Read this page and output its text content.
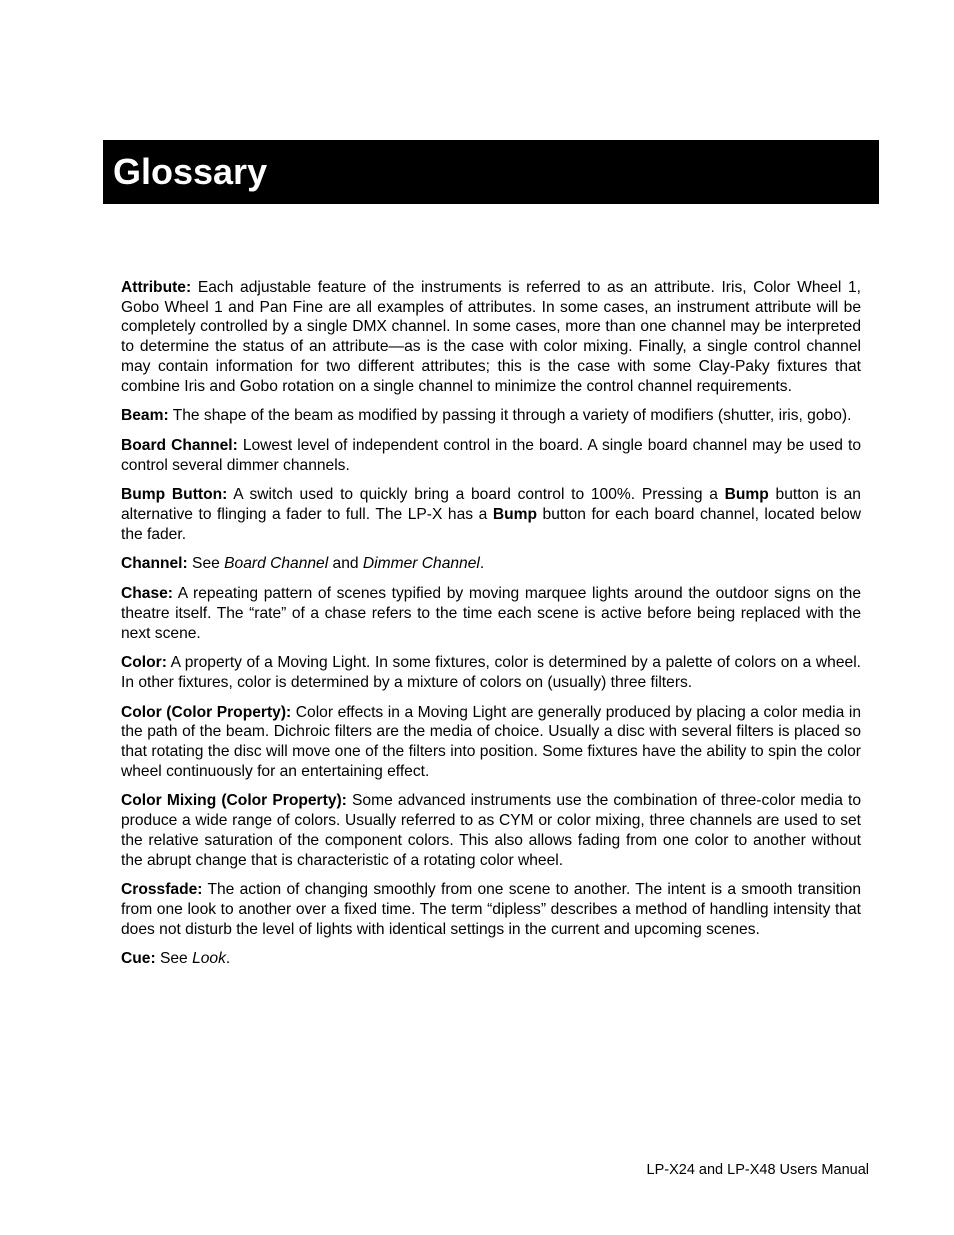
Glossary

Attribute: Each adjustable feature of the instruments is referred to as an attribute. Iris, Color Wheel 1, Gobo Wheel 1 and Pan Fine are all examples of attributes. In some cases, an instrument attribute will be completely controlled by a single DMX channel. In some cases, more than one channel may be interpreted to determine the status of an attribute—as is the case with color mixing. Finally, a single control channel may contain information for two different attributes; this is the case with some Clay-Paky fixtures that combine Iris and Gobo rotation on a single channel to minimize the control channel requirements.

Beam: The shape of the beam as modified by passing it through a variety of modifiers (shutter, iris, gobo).

Board Channel: Lowest level of independent control in the board. A single board channel may be used to control several dimmer channels.

Bump Button: A switch used to quickly bring a board control to 100%. Pressing a Bump button is an alternative to flinging a fader to full. The LP-X has a Bump button for each board channel, located below the fader.

Channel: See Board Channel and Dimmer Channel.

Chase: A repeating pattern of scenes typified by moving marquee lights around the outdoor signs on the theatre itself. The “rate” of a chase refers to the time each scene is active before being replaced with the next scene.

Color: A property of a Moving Light. In some fixtures, color is determined by a palette of colors on a wheel. In other fixtures, color is determined by a mixture of colors on (usually) three filters.

Color (Color Property): Color effects in a Moving Light are generally produced by placing a color media in the path of the beam. Dichroic filters are the media of choice. Usually a disc with several filters is placed so that rotating the disc will move one of the filters into position. Some fixtures have the ability to spin the color wheel continuously for an entertaining effect.

Color Mixing (Color Property): Some advanced instruments use the combination of three-color media to produce a wide range of colors. Usually referred to as CYM or color mixing, three channels are used to set the relative saturation of the component colors. This also allows fading from one color to another without the abrupt change that is characteristic of a rotating color wheel.

Crossfade: The action of changing smoothly from one scene to another. The intent is a smooth transition from one look to another over a fixed time. The term “dipless” describes a method of handling intensity that does not disturb the level of lights with identical settings in the current and upcoming scenes.

Cue: See Look.

LP-X24 and LP-X48 Users Manual
